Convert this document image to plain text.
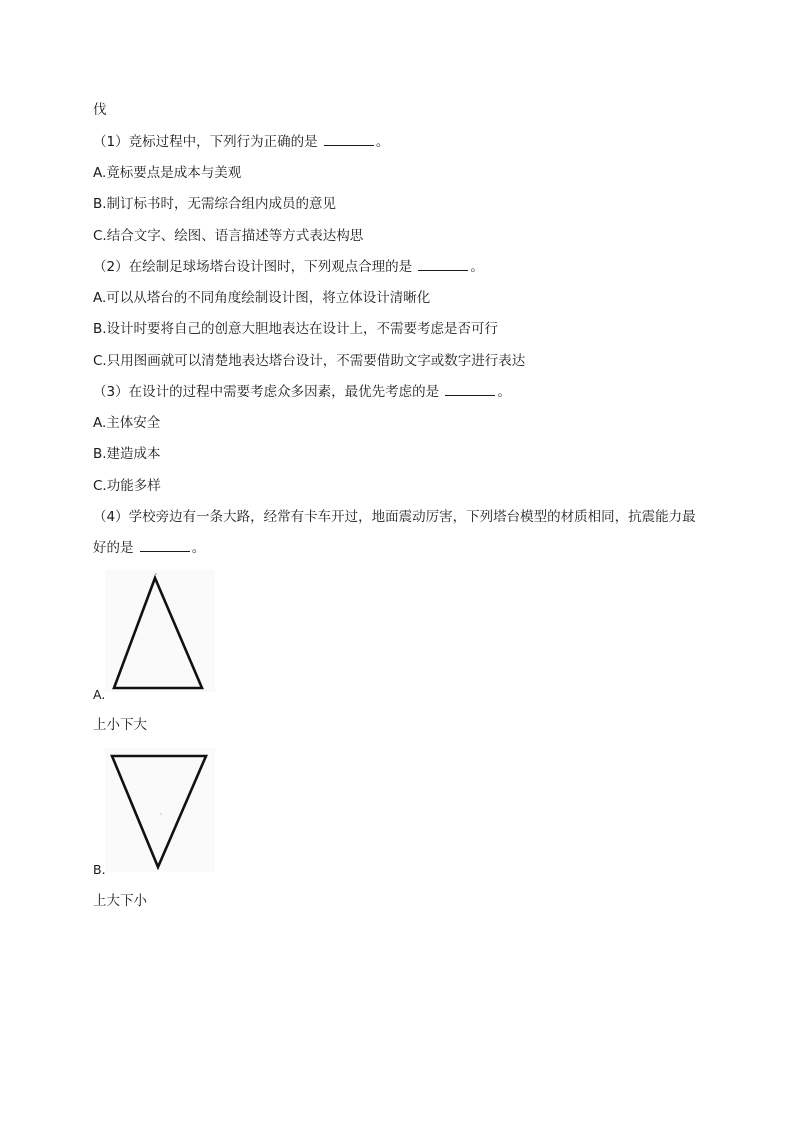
伐
（1）竞标过程中，下列行为正确的是	。
A.竟标要点是成本与美观
B.制订标书时，无需综合组内成员的意见
C.结合文字、绘图、语言描述等方式表达构思
（2）在绘制足球场塔台设计图时，下列观点合理的是	。
A.可以从塔台的不同角度绘制设计图，将立体设计清晰化
B.设计时要将自己的创意大胆地表达在设计上，不需要考虑是否可行
C.只用图画就可以清楚地表达塔台设计，不需要借助文字或数字进行表达
（3）在设计的过程中需要考虑众多因素，最优先考虑的是	。
A.主体安全
B.建造成本
C.功能多样
（4）学校旁边有一条大路，经常有卡车开过，地面震动厉害，下列塔台模型的材质相同，抗震能力最
好的是	。
A.
上小下大
B.
上大下小
